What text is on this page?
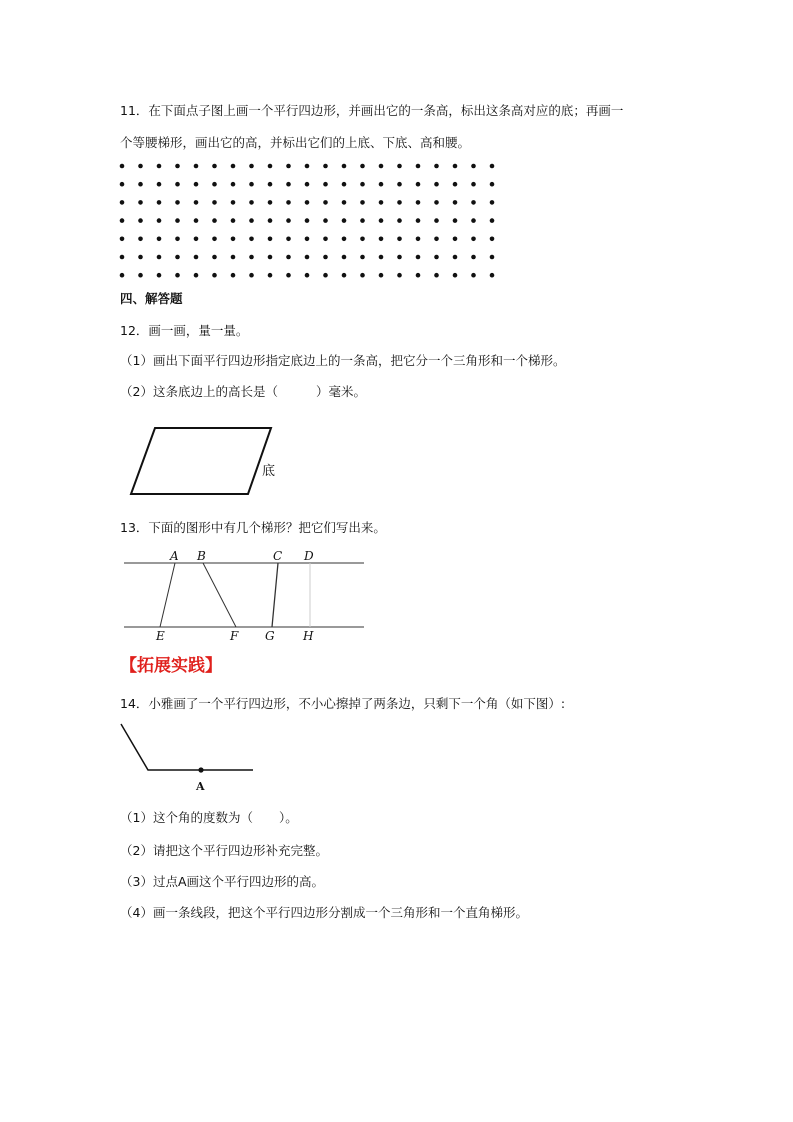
11．在下面点子图上画一个平行四边形，并画出它的一条高，标出这条高对应的底；再画一
个等腰梯形，画出它的高，并标出它们的上底、下底、高和腰。
四、解答题
12．画一画，量一量。
（1）画出下面平行四边形指定底边上的一条高，把它分一个三角形和一个梯形。
（2）这条底边上的高长是（	）毫米。
底
13．下面的图形中有几个梯形？把它们写出来。
A B	C D
E	F G H
【拓展实践】
14．小雅画了一个平行四边形，不小心擦掉了两条边，只剩下一个角（如下图）:
A
（1）这个角的度数为（ ）。
（2）请把这个平行四边形补充完整。
（3）过点A画这个平行四边形的高。
（4）画一条线段，把这个平行四边形分割成一个三角形和一个直角梯形。
